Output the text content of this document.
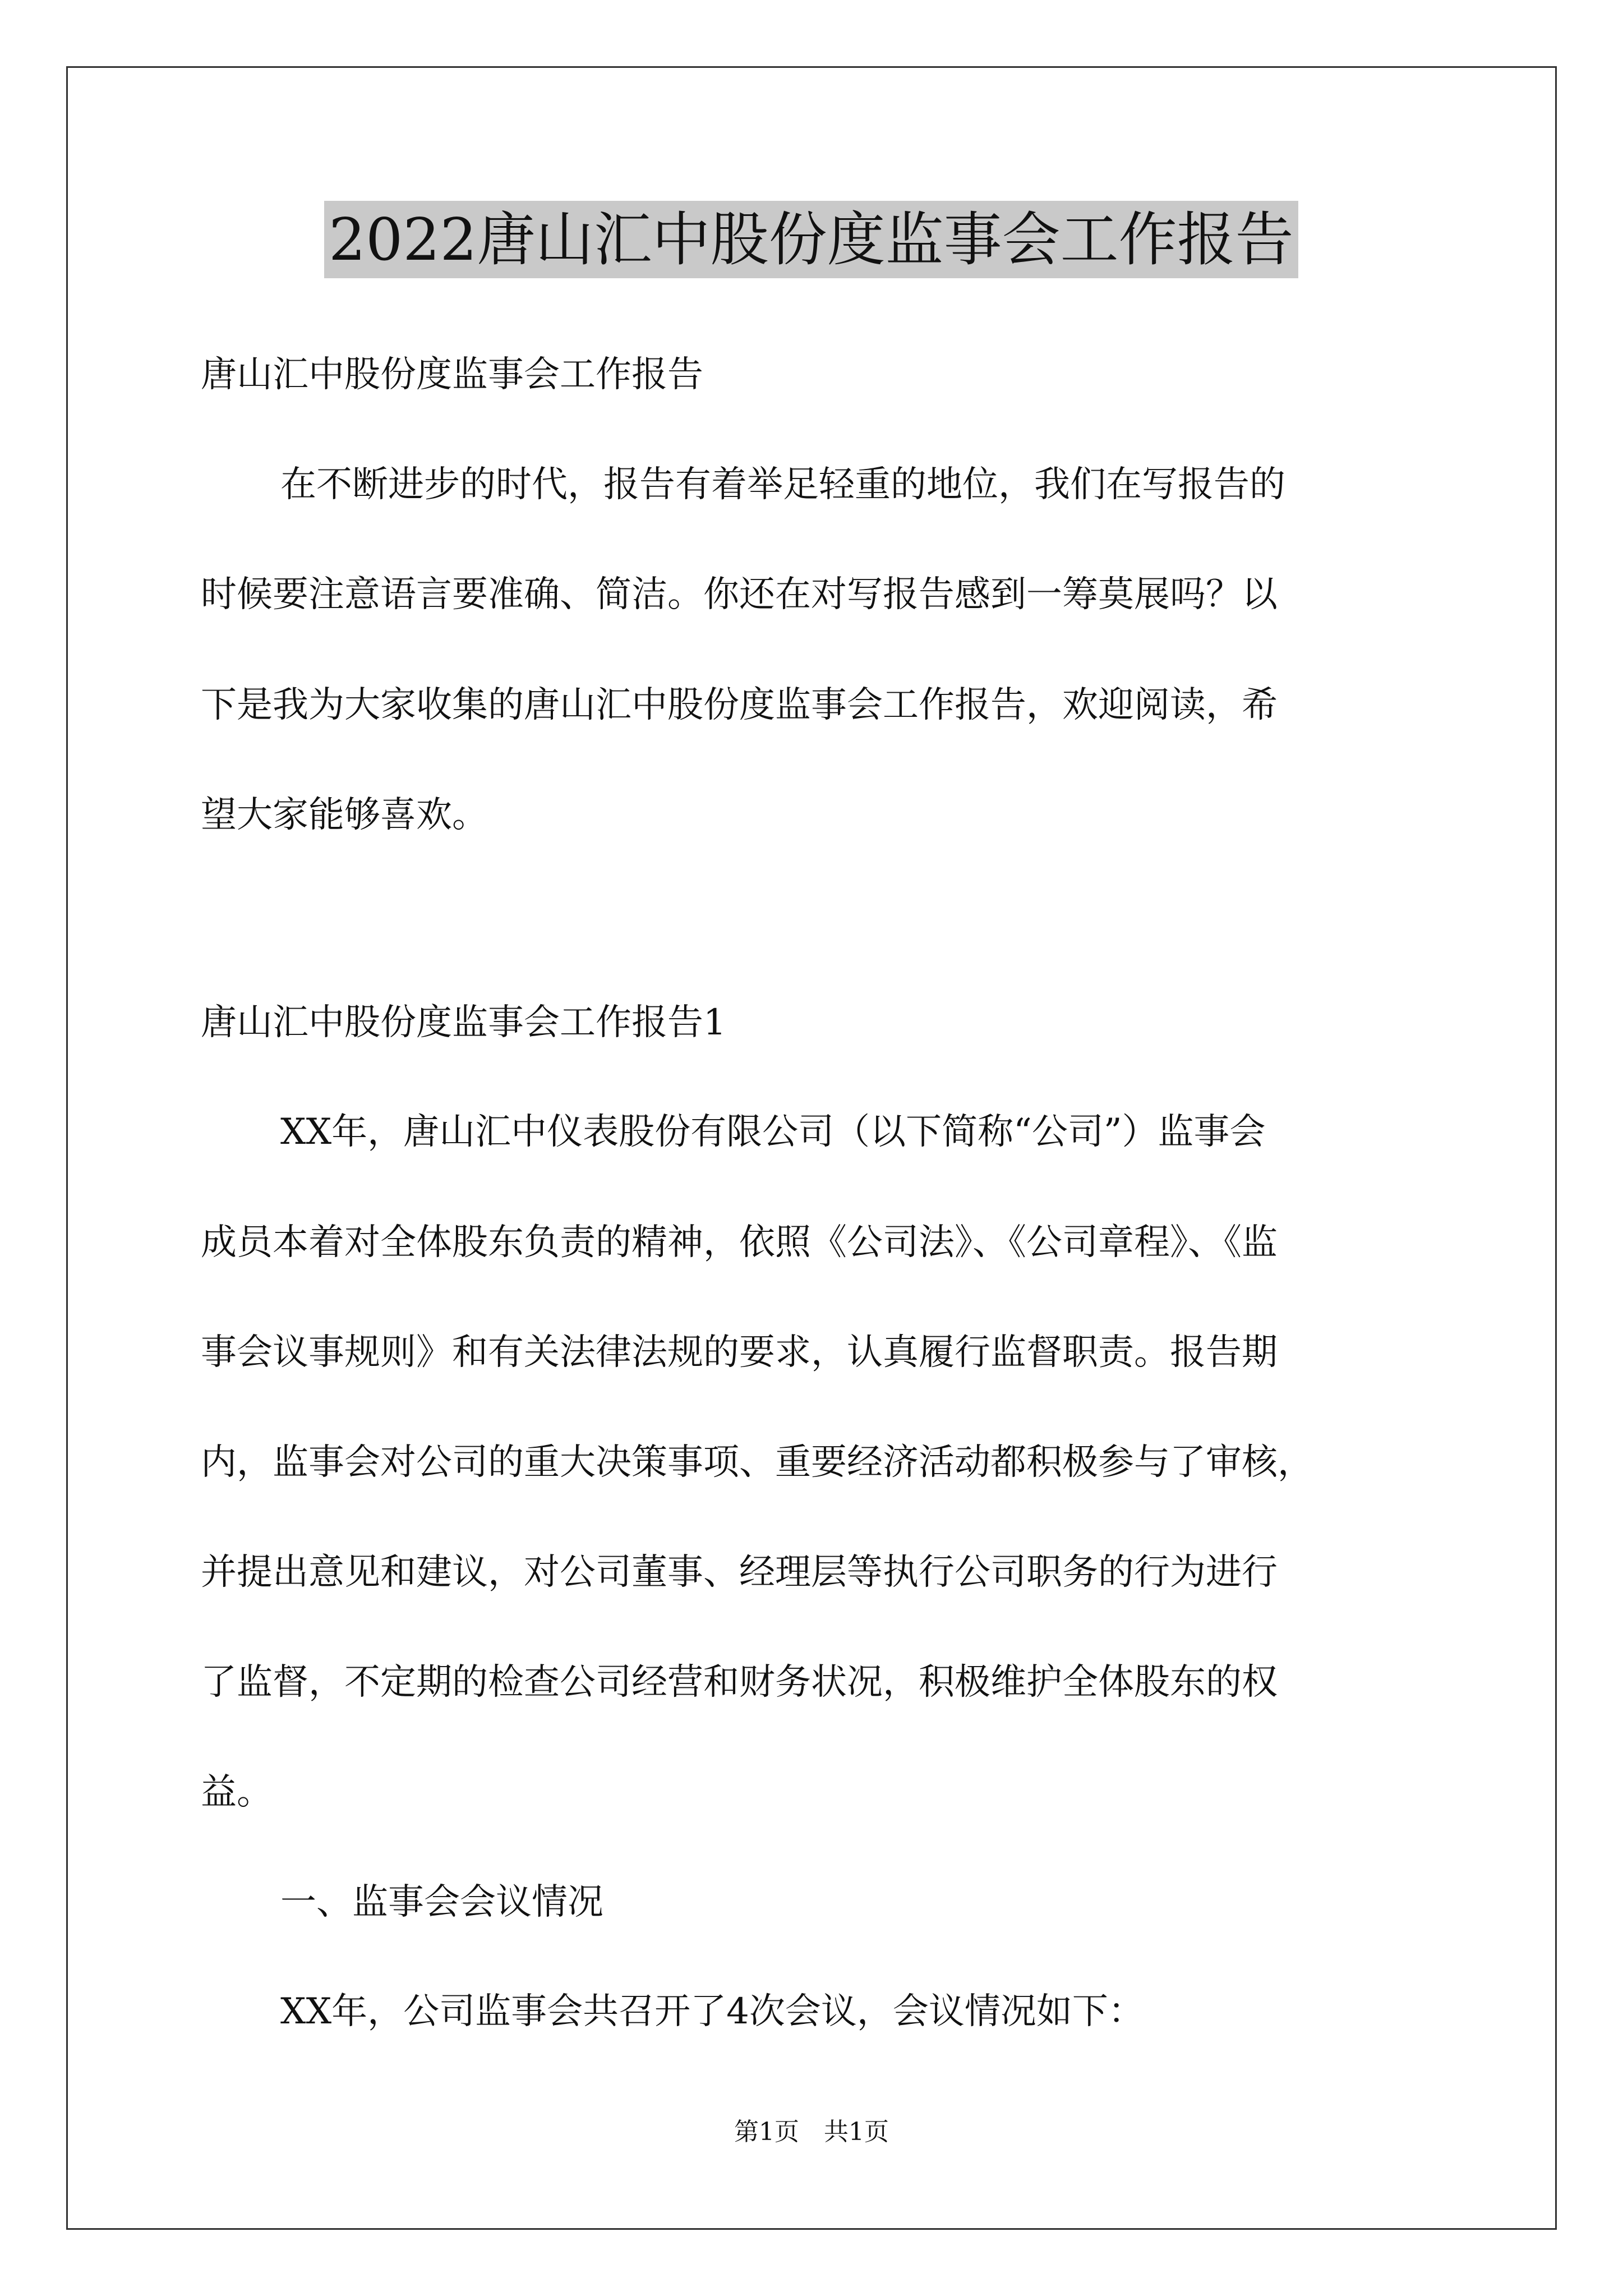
2022唐山汇中股份度监事会工作报告
唐山汇中股份度监事会工作报告
在不断进步的时代，报告有着举足轻重的地位，我们在写报告的
时候要注意语言要准确、简洁。你还在对写报告感到一筹莫展吗？以
下是我为大家收集的唐山汇中股份度监事会工作报告，欢迎阅读，希
望大家能够喜欢。
唐山汇中股份度监事会工作报告1
XX年，唐山汇中仪表股份有限公司（以下简称“公司”）监事会
成员本着对全体股东负责的精神，依照《公司法》、《公司章程》、《监
事会议事规则》和有关法律法规的要求，认真履行监督职责。报告期
内，监事会对公司的重大决策事项、重要经济活动都积极参与了审核，
并提出意见和建议，对公司董事、经理层等执行公司职务的行为进行
了监督，不定期的检查公司经营和财务状况，积极维护全体股东的权
益。
一、监事会会议情况
XX年，公司监事会共召开了4次会议，会议情况如下：
第1页　共1页
